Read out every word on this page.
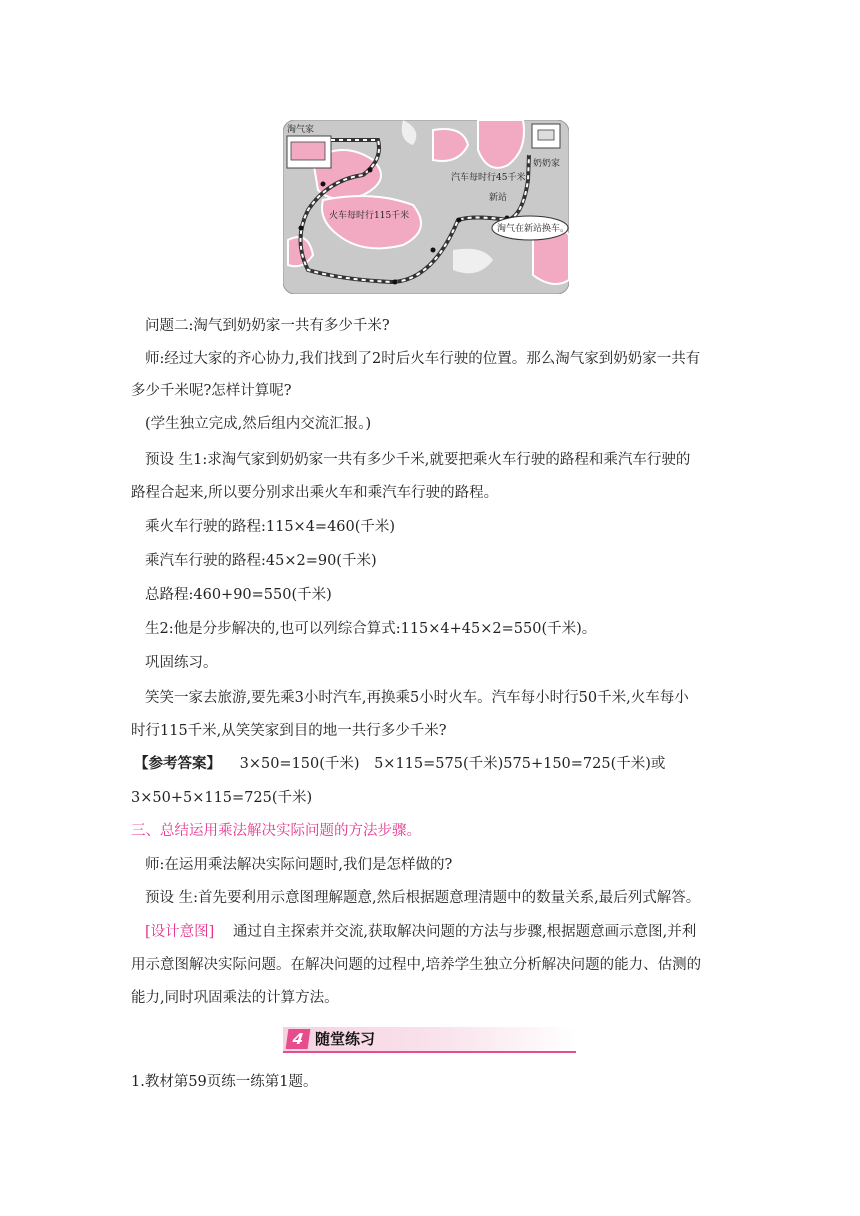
淘气在新站换车。
淘气家
奶奶家
汽车每时行45千米
新站
火车每时行115千米
问题二:淘气到奶奶家一共有多少千米?
师:经过大家的齐心协力,我们找到了2时后火车行驶的位置。那么淘气家到奶奶家一共有
多少千米呢?怎样计算呢?
(学生独立完成,然后组内交流汇报。)
预设 生1:求淘气家到奶奶家一共有多少千米,就要把乘火车行驶的路程和乘汽车行驶的
路程合起来,所以要分别求出乘火车和乘汽车行驶的路程。
乘火车行驶的路程:115×4=460(千米)
乘汽车行驶的路程:45×2=90(千米)
总路程:460+90=550(千米)
生2:他是分步解决的,也可以列综合算式:115×4+45×2=550(千米)。
巩固练习。
笑笑一家去旅游,要先乘3小时汽车,再换乘5小时火车。汽车每小时行50千米,火车每小
时行115千米,从笑笑家到目的地一共行多少千米?
【参考答案】 3×50=150(千米)　5×115=575(千米)575+150=725(千米)或
3×50+5×115=725(千米)
三、总结运用乘法解决实际问题的方法步骤。
师:在运用乘法解决实际问题时,我们是怎样做的?
预设 生:首先要利用示意图理解题意,然后根据题意理清题中的数量关系,最后列式解答。
[设计意图] 通过自主探索并交流,获取解决问题的方法与步骤,根据题意画示意图,并利
用示意图解决实际问题。在解决问题的过程中,培养学生独立分析解决问题的能力、估测的
能力,同时巩固乘法的计算方法。
4 随堂练习
1.教材第59页练一练第1题。
